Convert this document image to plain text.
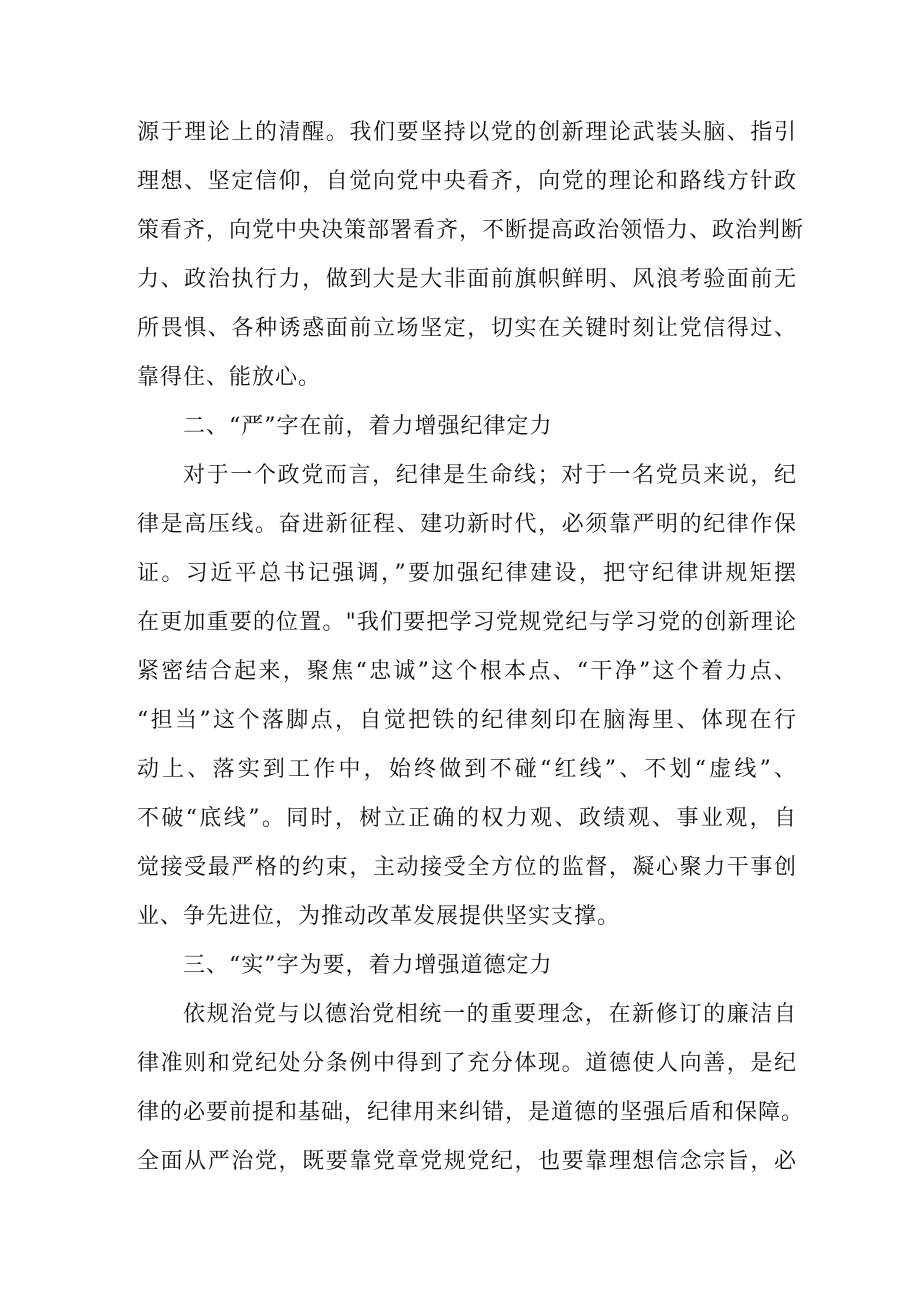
源于理论上的清醒。我们要坚持以党的创新理论武装头脑、指引
理想、坚定信仰，自觉向党中央看齐，向党的理论和路线方针政
策看齐，向党中央决策部署看齐，不断提高政治领悟力、政治判断
力、政治执行力，做到大是大非面前旗帜鲜明、风浪考验面前无
所畏惧、各种诱惑面前立场坚定，切实在关键时刻让党信得过、
靠得住、能放心。
二、“严”字在前，着力增强纪律定力
对于一个政党而言，纪律是生命线；对于一名党员来说，纪
律是高压线。奋进新征程、建功新时代，必须靠严明的纪律作保
证。习近平总书记强调，”要加强纪律建设，把守纪律讲规矩摆
在更加重要的位置。"我们要把学习党规党纪与学习党的创新理论
紧密结合起来，聚焦“忠诚”这个根本点、“干净”这个着力点、
“担当”这个落脚点，自觉把铁的纪律刻印在脑海里、体现在行
动上、落实到工作中，始终做到不碰“红线”、不划“虚线”、
不破“底线”。同时，树立正确的权力观、政绩观、事业观，自
觉接受最严格的约束，主动接受全方位的监督，凝心聚力干事创
业、争先进位，为推动改革发展提供坚实支撑。
三、“实”字为要，着力增强道德定力
依规治党与以德治党相统一的重要理念，在新修订的廉洁自
律准则和党纪处分条例中得到了充分体现。道德使人向善，是纪
律的必要前提和基础，纪律用来纠错，是道德的坚强后盾和保障。
全面从严治党，既要靠党章党规党纪，也要靠理想信念宗旨，必
